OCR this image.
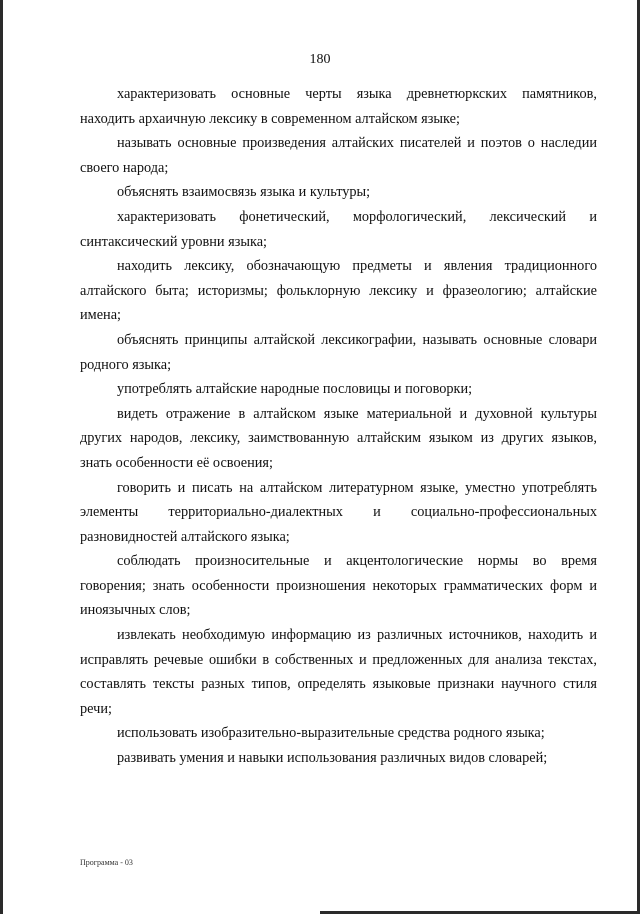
180

характеризовать основные черты языка древнетюркских памятников, находить архаичную лексику в современном алтайском языке;

называть основные произведения алтайских писателей и поэтов о наследии своего народа;

объяснять взаимосвязь языка и культуры;

характеризовать фонетический, морфологический, лексический и синтаксический уровни языка;

находить лексику, обозначающую предметы и явления традиционного алтайского быта; историзмы; фольклорную лексику и фразеологию; алтайские имена;

объяснять принципы алтайской лексикографии, называть основные словари родного языка;

употреблять алтайские народные пословицы и поговорки;

видеть отражение в алтайском языке материальной и духовной культуры других народов, лексику, заимствованную алтайским языком из других языков, знать особенности её освоения;

говорить и писать на алтайском литературном языке, уместно употреблять элементы территориально-диалектных и социально-профессиональных разновидностей алтайского языка;

соблюдать произносительные и акцентологические нормы во время говорения; знать особенности произношения некоторых грамматических форм и иноязычных слов;

извлекать необходимую информацию из различных источников, находить и исправлять речевые ошибки в собственных и предложенных для анализа текстах, составлять тексты разных типов, определять языковые признаки научного стиля речи;

использовать изобразительно-выразительные средства родного языка;

развивать умения и навыки использования различных видов словарей;

Программа - 03
